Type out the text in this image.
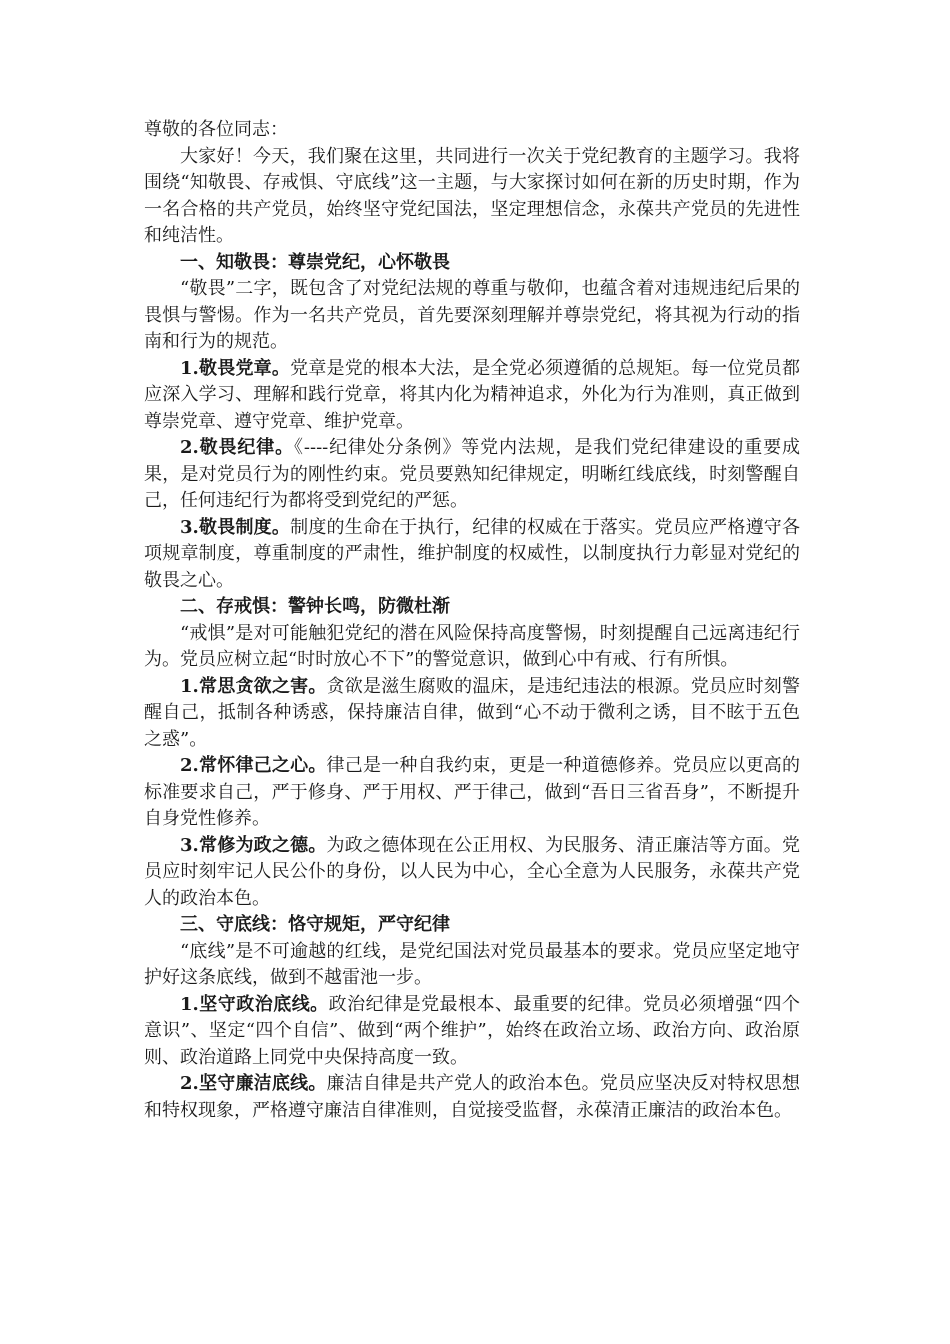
尊敬的各位同志：

大家好！今天，我们聚在这里，共同进行一次关于党纪教育的主题学习。我将围绕“知敬畏、存戒惧、守底线”这一主题，与大家探讨如何在新的历史时期，作为一名合格的共产党员，始终坚守党纪国法，坚定理想信念，永葆共产党员的先进性和纯洁性。

一、知敬畏：尊崇党纪，心怀敬畏

“敬畏”二字，既包含了对党纪法规的尊重与敬仰，也蕴含着对违规违纪后果的畏惧与警惕。作为一名共产党员，首先要深刻理解并尊崇党纪，将其视为行动的指南和行为的规范。

1.敬畏党章。党章是党的根本大法，是全党必须遵循的总规矩。每一位党员都应深入学习、理解和践行党章，将其内化为精神追求，外化为行为准则，真正做到尊崇党章、遵守党章、维护党章。

2.敬畏纪律。《----纪律处分条例》等党内法规，是我们党纪律建设的重要成果，是对党员行为的刚性约束。党员要熟知纪律规定，明晰红线底线，时刻警醒自己，任何违纪行为都将受到党纪的严惩。

3.敬畏制度。制度的生命在于执行，纪律的权威在于落实。党员应严格遵守各项规章制度，尊重制度的严肃性，维护制度的权威性，以制度执行力彰显对党纪的敬畏之心。

二、存戒惧：警钟长鸣，防微杜渐

“戒惧”是对可能触犯党纪的潜在风险保持高度警惕，时刻提醒自己远离违纪行为。党员应树立起“时时放心不下”的警觉意识，做到心中有戒、行有所惧。

1.常思贪欲之害。贪欲是滋生腐败的温床，是违纪违法的根源。党员应时刻警醒自己，抵制各种诱惑，保持廉洁自律，做到“心不动于微利之诱，目不眩于五色之惑”。

2.常怀律己之心。律己是一种自我约束，更是一种道德修养。党员应以更高的标准要求自己，严于修身、严于用权、严于律己，做到“吾日三省吾身”，不断提升自身党性修养。

3.常修为政之德。为政之德体现在公正用权、为民服务、清正廉洁等方面。党员应时刻牢记人民公仆的身份，以人民为中心，全心全意为人民服务，永葆共产党人的政治本色。

三、守底线：恪守规矩，严守纪律

“底线”是不可逾越的红线，是党纪国法对党员最基本的要求。党员应坚定地守护好这条底线，做到不越雷池一步。

1.坚守政治底线。政治纪律是党最根本、最重要的纪律。党员必须增强“四个意识”、坚定“四个自信”、做到“两个维护”，始终在政治立场、政治方向、政治原则、政治道路上同党中央保持高度一致。

2.坚守廉洁底线。廉洁自律是共产党人的政治本色。党员应坚决反对特权思想和特权现象，严格遵守廉洁自律准则，自觉接受监督，永葆清正廉洁的政治本色。
